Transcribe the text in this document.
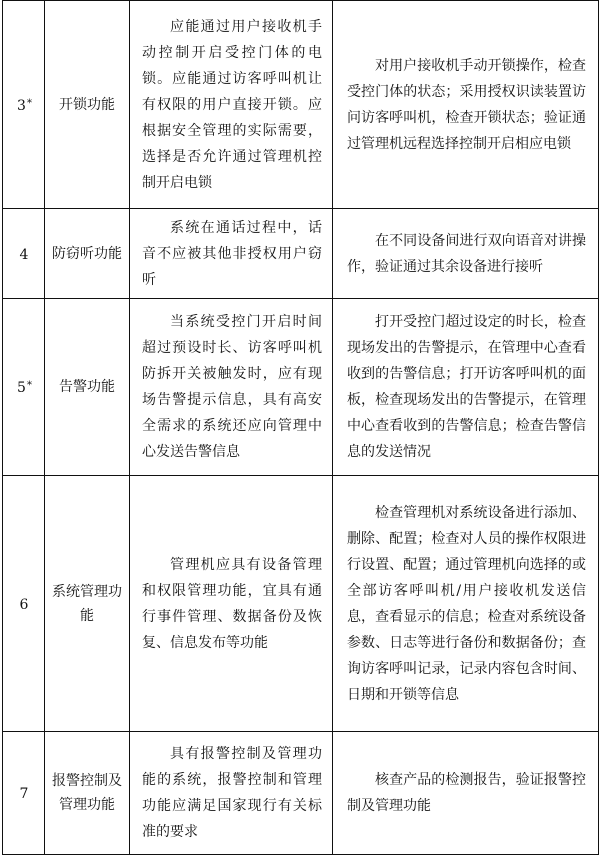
3*	开锁功能	应能通过用户接收机手动控制开启受控门体的电锁。应能通过访客呼叫机让有权限的用户直接开锁。应根据安全管理的实际需要，选择是否允许通过管理机控制开启电锁	对用户接收机手动开锁操作，检查受控门体的状态；采用授权识读装置访问访客呼叫机，检查开锁状态；验证通过管理机远程选择控制开启相应电锁
4	防窃听功能	系统在通话过程中，话音不应被其他非授权用户窃听	在不同设备间进行双向语音对讲操作，验证通过其余设备进行接听
5*	告警功能	当系统受控门开启时间超过预设时长、访客呼叫机防拆开关被触发时，应有现场告警提示信息，具有高安全需求的系统还应向管理中心发送告警信息	打开受控门超过设定的时长，检查现场发出的告警提示，在管理中心查看收到的告警信息；打开访客呼叫机的面板，检查现场发出的告警提示，在管理中心查看收到的告警信息；检查告警信息的发送情况
6	系统管理功能	管理机应具有设备管理和权限管理功能，宜具有通行事件管理、数据备份及恢复、信息发布等功能	检查管理机对系统设备进行添加、删除、配置；检查对人员的操作权限进行设置、配置；通过管理机向选择的或全部访客呼叫机/用户接收机发送信息，查看显示的信息；检查对系统设备参数、日志等进行备份和数据备份；查询访客呼叫记录，记录内容包含时间、日期和开锁等信息
7	报警控制及管理功能	具有报警控制及管理功能的系统，报警控制和管理功能应满足国家现行有关标准的要求	核查产品的检测报告，验证报警控制及管理功能
